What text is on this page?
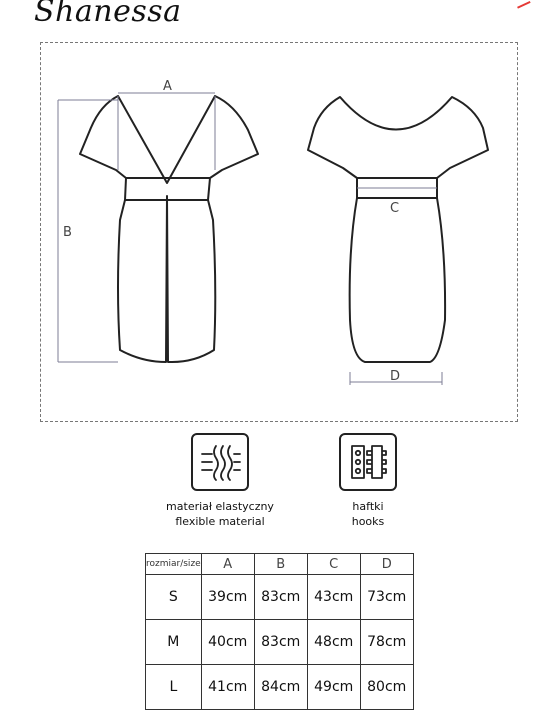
Shanessa
A
B
C
D
materiał elastyczny
flexible material
haftki
hooks
rozmiar/size	A	B	C	D
S	39cm	83cm	43cm	73cm
M	40cm	83cm	48cm	78cm
L	41cm	84cm	49cm	80cm
